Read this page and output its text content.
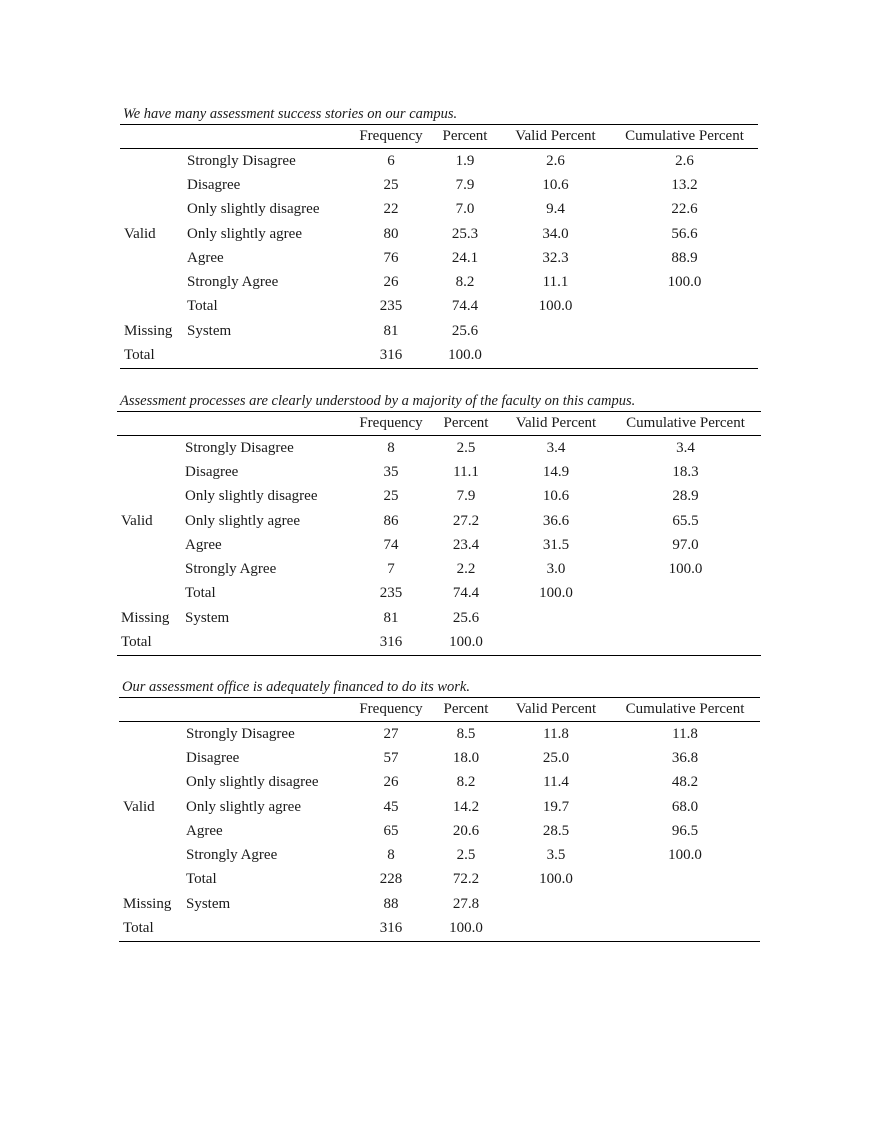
We have many assessment success stories on our campus.
		Frequency	Percent	Valid Percent	Cumulative Percent
Valid	Strongly Disagree	6	1.9	2.6	2.6
	Disagree	25	7.9	10.6	13.2
	Only slightly disagree	22	7.0	9.4	22.6
	Only slightly agree	80	25.3	34.0	56.6
	Agree	76	24.1	32.3	88.9
	Strongly Agree	26	8.2	11.1	100.0
	Total	235	74.4	100.0	
Missing	System	81	25.6		
Total		316	100.0		
Assessment processes are clearly understood by a majority of the faculty on this campus.
		Frequency	Percent	Valid Percent	Cumulative Percent
Valid	Strongly Disagree	8	2.5	3.4	3.4
	Disagree	35	11.1	14.9	18.3
	Only slightly disagree	25	7.9	10.6	28.9
	Only slightly agree	86	27.2	36.6	65.5
	Agree	74	23.4	31.5	97.0
	Strongly Agree	7	2.2	3.0	100.0
	Total	235	74.4	100.0	
Missing	System	81	25.6		
Total		316	100.0		
Our assessment office is adequately financed to do its work.
		Frequency	Percent	Valid Percent	Cumulative Percent
Valid	Strongly Disagree	27	8.5	11.8	11.8
	Disagree	57	18.0	25.0	36.8
	Only slightly disagree	26	8.2	11.4	48.2
	Only slightly agree	45	14.2	19.7	68.0
	Agree	65	20.6	28.5	96.5
	Strongly Agree	8	2.5	3.5	100.0
	Total	228	72.2	100.0	
Missing	System	88	27.8		
Total		316	100.0		
